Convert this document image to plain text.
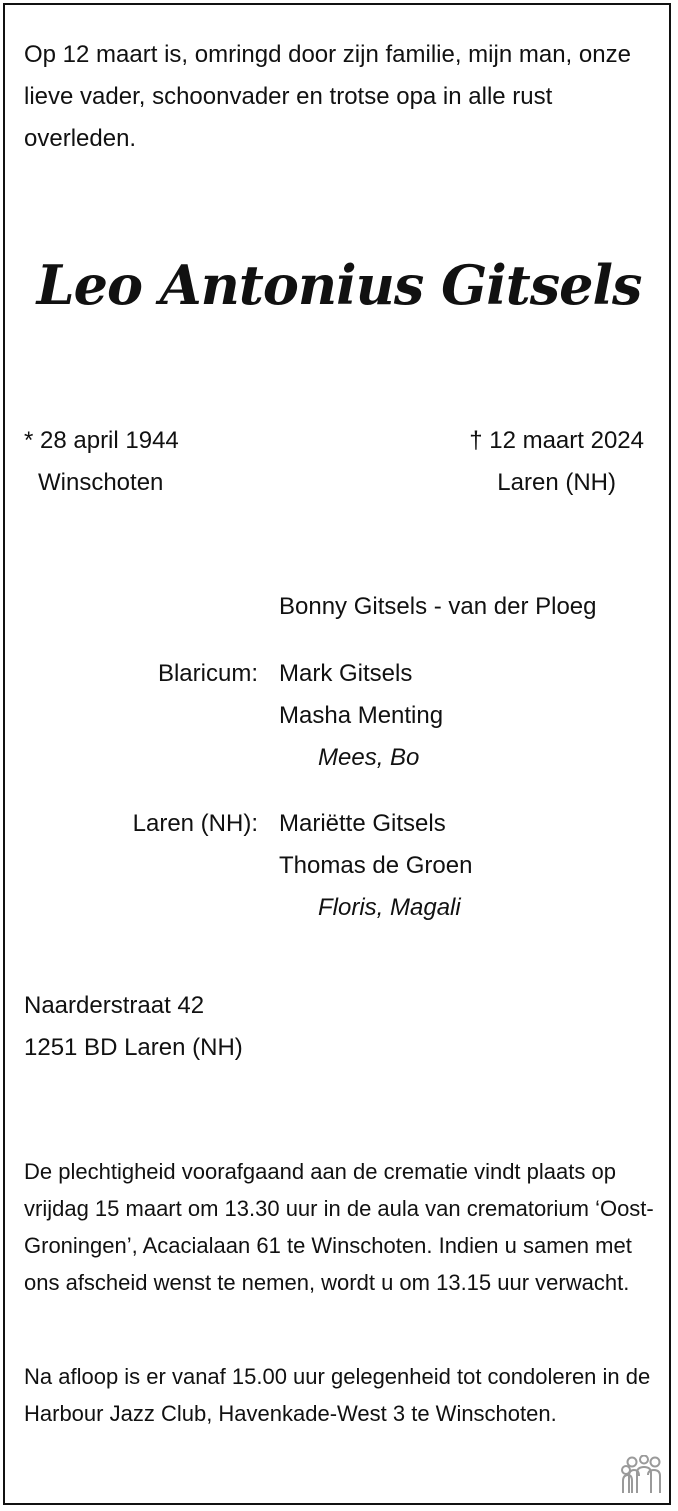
Op 12 maart is, omringd door zijn familie, mijn man, onze lieve vader, schoonvader en trotse opa in alle rust overleden.
Leo Antonius Gitsels
* 28 april 1944
Winschoten
† 12 maart 2024
Laren (NH)
Bonny Gitsels - van der Ploeg
Blaricum: Mark Gitsels
Masha Menting
Mees, Bo
Laren (NH): Mariëtte Gitsels
Thomas de Groen
Floris, Magali
Naarderstraat 42
1251 BD Laren (NH)
De plechtigheid voorafgaand aan de crematie vindt plaats op vrijdag 15 maart om 13.30 uur in de aula van crematorium ‘Oost-Groningen’, Acacialaan 61 te Winschoten. Indien u samen met ons afscheid wenst te nemen, wordt u om 13.15 uur verwacht.
Na afloop is er vanaf 15.00 uur gelegenheid tot condoleren in de Harbour Jazz Club, Havenkade-West 3 te Winschoten.
